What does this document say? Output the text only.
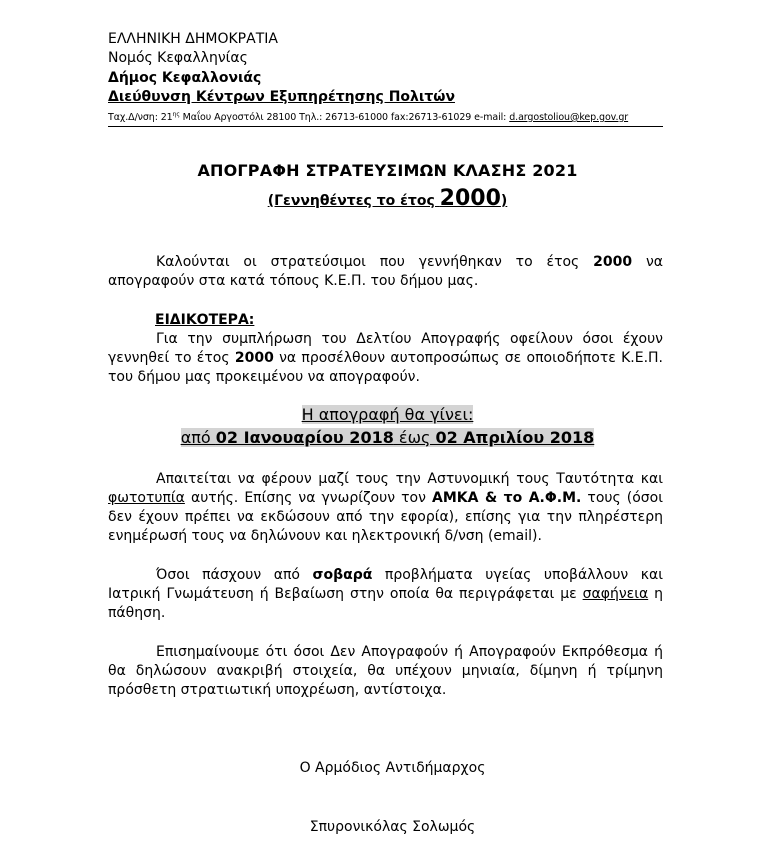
ΕΛΛΗΝΙΚΗ ΔΗΜΟΚΡΑΤΙΑ
Νομός Κεφαλληνίας
Δήμος Κεφαλλονιάς
Διεύθυνση Κέντρων Εξυπηρέτησης Πολιτών
Ταχ.Δ/νση: $21^{\eta\varsigma}$ Μαΐου Αργοστόλι 28100 Τηλ.: 26713-61000 fax:26713-61029 e-mail: d.argostoliou@kep.gov.gr
ΑΠΟΓΡΑΦΗ ΣΤΡΑΤΕΥΣΙΜΩΝ ΚΛΑΣΗΣ 2021
(Γεννηθέντες το έτος 2000)
Καλούνται οι στρατεύσιμοι που γεννήθηκαν το έτος 2000 να
απογραφούν στα κατά τόπους Κ.Ε.Π. του δήμου μας.
ΕΙΔΙΚΟΤΕΡΑ:
Για την συμπλήρωση του Δελτίου Απογραφής οφείλουν όσοι έχουν
γεννηθεί το έτος 2000 να προσέλθουν αυτοπροσώπως σε οποιοδήποτε Κ.Ε.Π.
του δήμου μας προκειμένου να απογραφούν.
Η απογραφή θα γίνει:
από 02 Ιανουαρίου 2018 έως 02 Απριλίου 2018
Απαιτείται να φέρουν μαζί τους την Αστυνομική τους Ταυτότητα και
φωτοτυπία αυτής. Επίσης να γνωρίζουν τον ΑΜΚΑ & το Α.Φ.Μ. τους (όσοι
δεν έχουν πρέπει να εκδώσουν από την εφορία), επίσης για την πληρέστερη
ενημέρωσή τους να δηλώνουν και ηλεκτρονική δ/νση (email).
Όσοι πάσχουν από σοβαρά προβλήματα υγείας υποβάλλουν και
Ιατρική Γνωμάτευση ή Βεβαίωση στην οποία θα περιγράφεται με σαφήνεια η
πάθηση.
Επισημαίνουμε ότι όσοι Δεν Απογραφούν ή Απογραφούν Εκπρόθεσμα ή
θα δηλώσουν ανακριβή στοιχεία, θα υπέχουν μηνιαία, δίμηνη ή τρίμηνη
πρόσθετη στρατιωτική υποχρέωση, αντίστοιχα.
Ο Αρμόδιος Αντιδήμαρχος
Σπυρονικόλας Σολωμός
